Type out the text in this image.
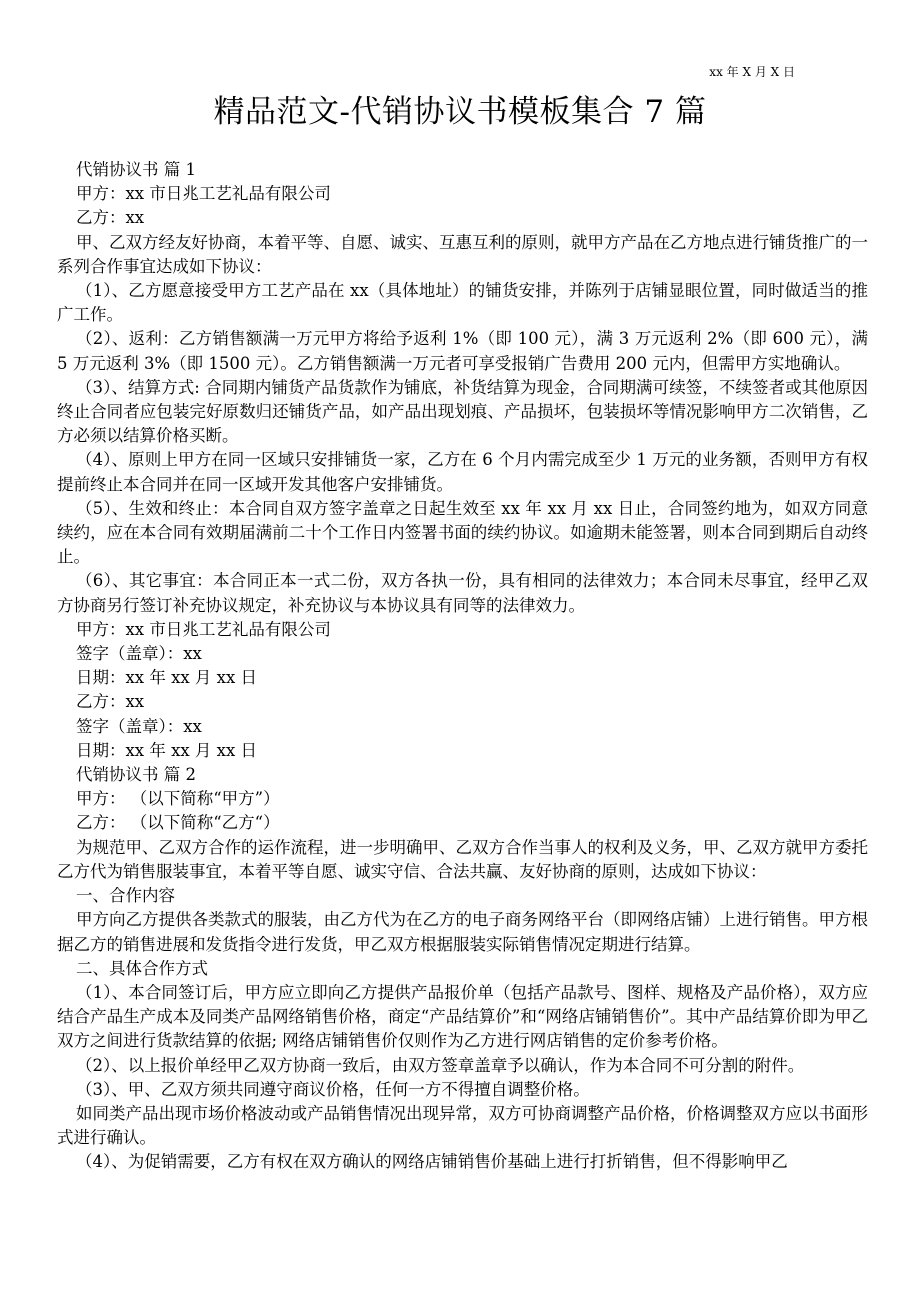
xx 年 X 月 X 日
精品范文-代销协议书模板集合 7 篇

代销协议书 篇 1

甲方：xx 市日兆工艺礼品有限公司

乙方：xx

甲、乙双方经友好协商，本着平等、自愿、诚实、互惠互利的原则，就甲方产品在乙方地点进行铺货推广的一系列合作事宜达成如下协议：

（1）、乙方愿意接受甲方工艺产品在 xx（具体地址）的铺货安排，并陈列于店铺显眼位置，同时做适当的推广工作。

（2）、返利：乙方销售额满一万元甲方将给予返利 1%（即 100 元），满 3 万元返利 2%（即 600 元），满 5 万元返利 3%（即 1500 元）。乙方销售额满一万元者可享受报销广告费用 200 元内，但需甲方实地确认。

（3）、结算方式: 合同期内铺货产品货款作为铺底，补货结算为现金，合同期满可续签，不续签者或其他原因终止合同者应包装完好原数归还铺货产品，如产品出现划痕、产品损坏，包装损坏等情况影响甲方二次销售，乙方必须以结算价格买断。

（4）、原则上甲方在同一区域只安排铺货一家，乙方在 6 个月内需完成至少 1 万元的业务额，否则甲方有权提前终止本合同并在同一区域开发其他客户安排铺货。

（5）、生效和终止：本合同自双方签字盖章之日起生效至 xx 年 xx 月 xx 日止，合同签约地为，如双方同意续约，应在本合同有效期届满前二十个工作日内签署书面的续约协议。如逾期未能签署，则本合同到期后自动终止。

（6）、其它事宜：本合同正本一式二份，双方各执一份，具有相同的法律效力；本合同未尽事宜，经甲乙双方协商另行签订补充协议规定，补充协议与本协议具有同等的法律效力。

甲方：xx 市日兆工艺礼品有限公司

签字（盖章）：xx

日期：xx 年 xx 月 xx 日

乙方：xx

签字（盖章）：xx

日期：xx 年 xx 月 xx 日

代销协议书 篇 2

甲方： （以下简称“甲方”）

乙方： （以下简称“乙方“）

为规范甲、乙双方合作的运作流程，进一步明确甲、乙双方合作当事人的权利及义务，甲、乙双方就甲方委托乙方代为销售服装事宜，本着平等自愿、诚实守信、合法共赢、友好协商的原则，达成如下协议：

一、合作内容

甲方向乙方提供各类款式的服装，由乙方代为在乙方的电子商务网络平台（即网络店铺）上进行销售。甲方根据乙方的销售进展和发货指令进行发货，甲乙双方根据服装实际销售情况定期进行结算。

二、具体合作方式

（1）、本合同签订后，甲方应立即向乙方提供产品报价单（包括产品款号、图样、规格及产品价格），双方应结合产品生产成本及同类产品网络销售价格，商定“产品结算价”和“网络店铺销售价”。其中产品结算价即为甲乙双方之间进行货款结算的依据; 网络店铺销售价仅则作为乙方进行网店销售的定价参考价格。

（2）、以上报价单经甲乙双方协商一致后，由双方签章盖章予以确认，作为本合同不可分割的附件。

（3）、甲、乙双方须共同遵守商议价格，任何一方不得擅自调整价格。

如同类产品出现市场价格波动或产品销售情况出现异常，双方可协商调整产品价格，价格调整双方应以书面形式进行确认。

（4）、为促销需要，乙方有权在双方确认的网络店铺销售价基础上进行打折销售，但不得影响甲乙
